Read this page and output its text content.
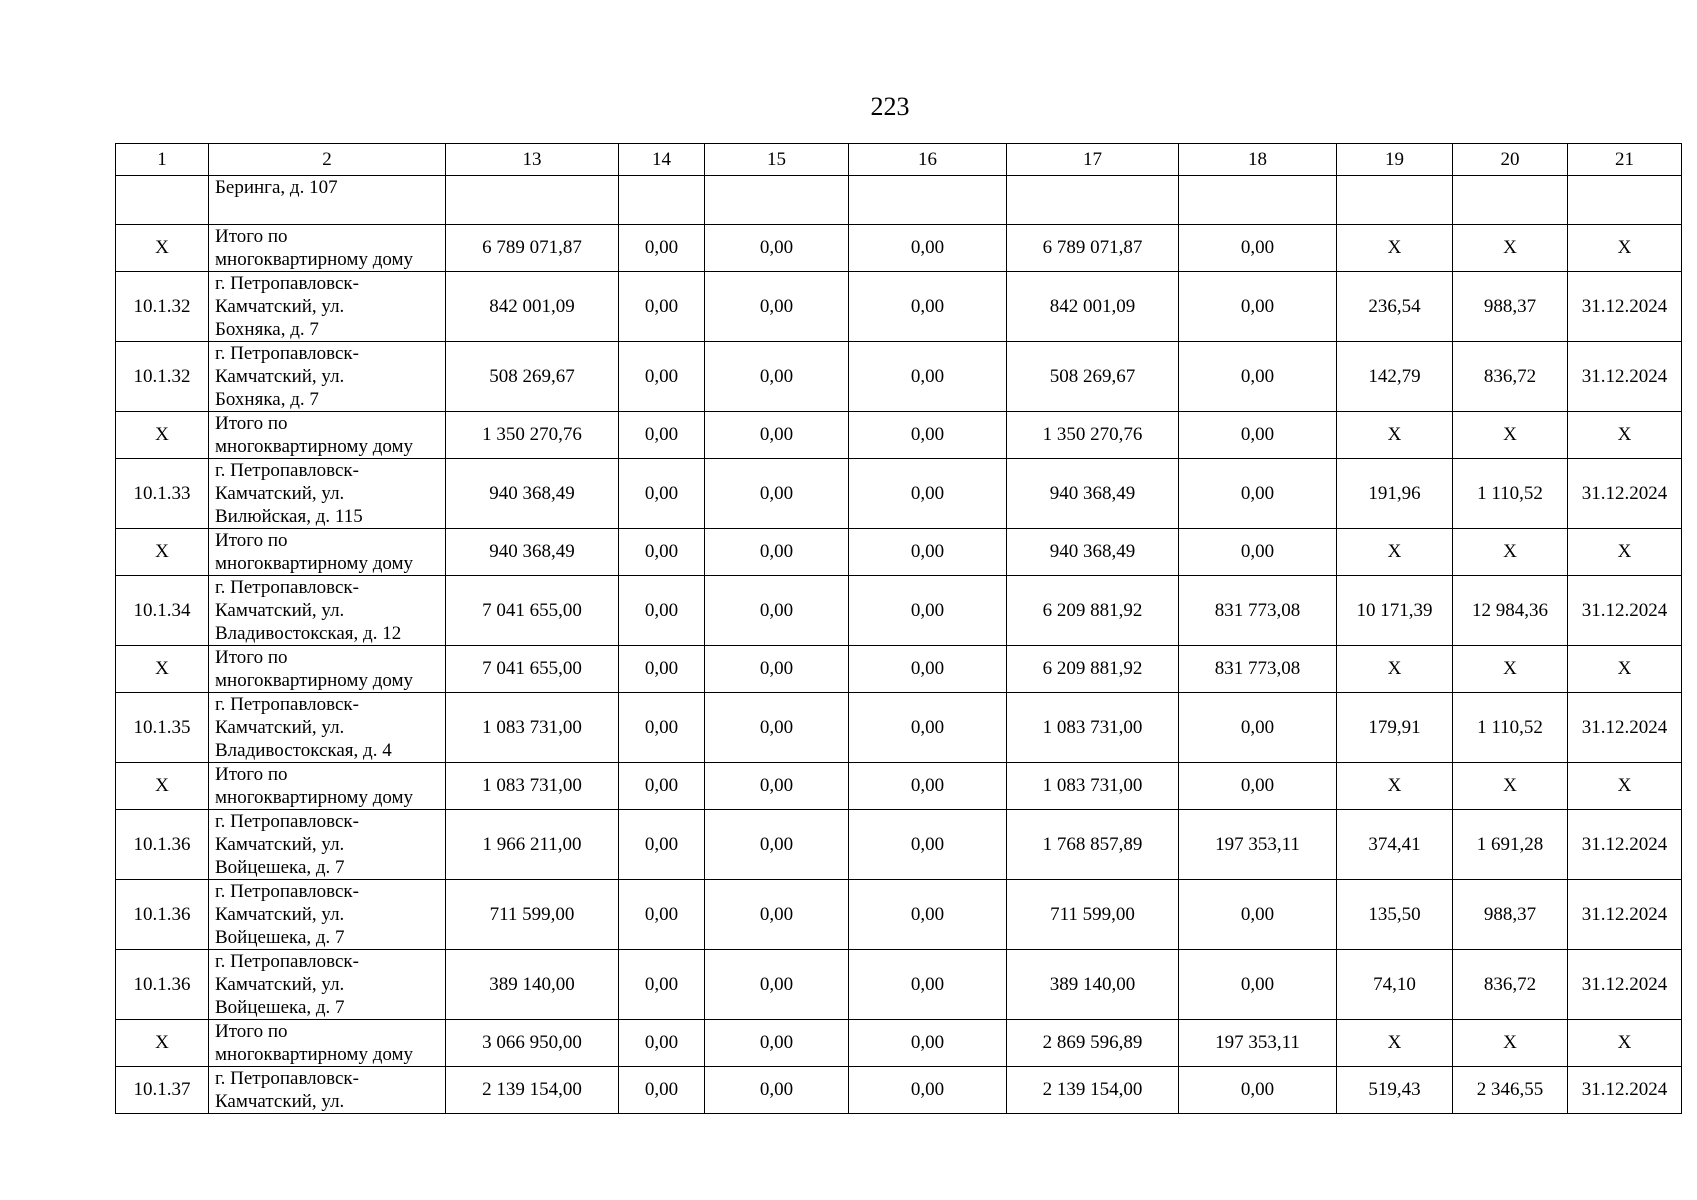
223
1	2	13	14	15	16	17	18	19	20	21
	Беринга, д. 107									
X	Итого по
многоквартирному дому	6 789 071,87	0,00	0,00	0,00	6 789 071,87	0,00	X	X	X
10.1.32	г. Петропавловск-
Камчатский, ул.
Бохняка, д. 7	842 001,09	0,00	0,00	0,00	842 001,09	0,00	236,54	988,37	31.12.2024
10.1.32	г. Петропавловск-
Камчатский, ул.
Бохняка, д. 7	508 269,67	0,00	0,00	0,00	508 269,67	0,00	142,79	836,72	31.12.2024
X	Итого по
многоквартирному дому	1 350 270,76	0,00	0,00	0,00	1 350 270,76	0,00	X	X	X
10.1.33	г. Петропавловск-
Камчатский, ул.
Вилюйская, д. 115	940 368,49	0,00	0,00	0,00	940 368,49	0,00	191,96	1 110,52	31.12.2024
X	Итого по
многоквартирному дому	940 368,49	0,00	0,00	0,00	940 368,49	0,00	X	X	X
10.1.34	г. Петропавловск-
Камчатский, ул.
Владивостокская, д. 12	7 041 655,00	0,00	0,00	0,00	6 209 881,92	831 773,08	10 171,39	12 984,36	31.12.2024
X	Итого по
многоквартирному дому	7 041 655,00	0,00	0,00	0,00	6 209 881,92	831 773,08	X	X	X
10.1.35	г. Петропавловск-
Камчатский, ул.
Владивостокская, д. 4	1 083 731,00	0,00	0,00	0,00	1 083 731,00	0,00	179,91	1 110,52	31.12.2024
X	Итого по
многоквартирному дому	1 083 731,00	0,00	0,00	0,00	1 083 731,00	0,00	X	X	X
10.1.36	г. Петропавловск-
Камчатский, ул.
Войцешека, д. 7	1 966 211,00	0,00	0,00	0,00	1 768 857,89	197 353,11	374,41	1 691,28	31.12.2024
10.1.36	г. Петропавловск-
Камчатский, ул.
Войцешека, д. 7	711 599,00	0,00	0,00	0,00	711 599,00	0,00	135,50	988,37	31.12.2024
10.1.36	г. Петропавловск-
Камчатский, ул.
Войцешека, д. 7	389 140,00	0,00	0,00	0,00	389 140,00	0,00	74,10	836,72	31.12.2024
X	Итого по
многоквартирному дому	3 066 950,00	0,00	0,00	0,00	2 869 596,89	197 353,11	X	X	X
10.1.37	г. Петропавловск-
Камчатский, ул.	2 139 154,00	0,00	0,00	0,00	2 139 154,00	0,00	519,43	2 346,55	31.12.2024
